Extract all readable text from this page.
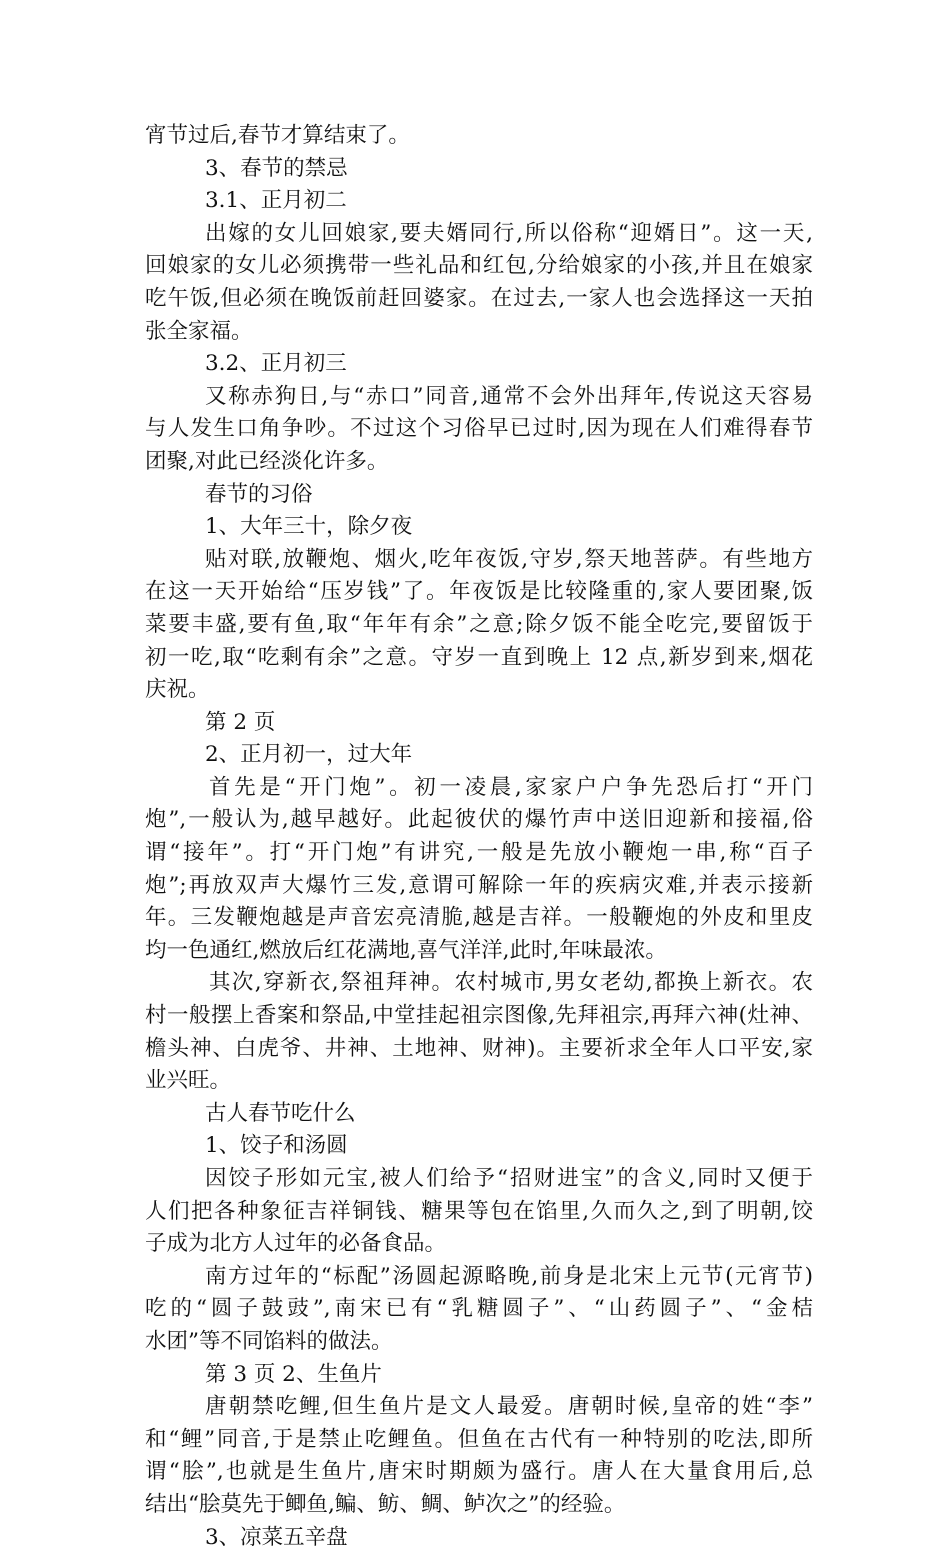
宵节过后,春节才算结束了。
3、春节的禁忌
3.1、正月初二
出嫁的女儿回娘家,要夫婿同行,所以俗称“迎婿日”。这一天,
回娘家的女儿必须携带一些礼品和红包,分给娘家的小孩,并且在娘家
吃午饭,但必须在晚饭前赶回婆家。在过去,一家人也会选择这一天拍
张全家福。
3.2、正月初三
又称赤狗日,与“赤口”同音,通常不会外出拜年,传说这天容易
与人发生口角争吵。不过这个习俗早已过时,因为现在人们难得春节
团聚,对此已经淡化许多。
春节的习俗
1、大年三十，除夕夜
贴对联,放鞭炮、烟火,吃年夜饭,守岁,祭天地菩萨。有些地方
在这一天开始给“压岁钱”了。年夜饭是比较隆重的,家人要团聚,饭
菜要丰盛,要有鱼,取“年年有余”之意;除夕饭不能全吃完,要留饭于
初一吃,取“吃剩有余”之意。守岁一直到晚上 12 点,新岁到来,烟花
庆祝。
第 2 页
2、正月初一，过大年
首先是“开门炮”。初一凌晨,家家户户争先恐后打“开门
炮”,一般认为,越早越好。此起彼伏的爆竹声中送旧迎新和接福,俗
谓“接年”。打“开门炮”有讲究,一般是先放小鞭炮一串,称“百子
炮”;再放双声大爆竹三发,意谓可解除一年的疾病灾难,并表示接新
年。三发鞭炮越是声音宏亮清脆,越是吉祥。一般鞭炮的外皮和里皮
均一色通红,燃放后红花满地,喜气洋洋,此时,年味最浓。
其次,穿新衣,祭祖拜神。农村城市,男女老幼,都换上新衣。农
村一般摆上香案和祭品,中堂挂起祖宗图像,先拜祖宗,再拜六神(灶神、
檐头神、白虎爷、井神、土地神、财神)。主要祈求全年人口平安,家
业兴旺。
古人春节吃什么
1、饺子和汤圆
因饺子形如元宝,被人们给予“招财进宝”的含义,同时又便于
人们把各种象征吉祥铜钱、糖果等包在馅里,久而久之,到了明朝,饺
子成为北方人过年的必备食品。
南方过年的“标配”汤圆起源略晚,前身是北宋上元节(元宵节)
吃的“圆子鼓豉”,南宋已有“乳糖圆子”、“山药圆子”、“金桔
水团”等不同馅料的做法。
第 3 页 2、生鱼片
唐朝禁吃鲤,但生鱼片是文人最爱。唐朝时候,皇帝的姓“李”
和“鲤”同音,于是禁止吃鲤鱼。但鱼在古代有一种特别的吃法,即所
谓“脍”,也就是生鱼片,唐宋时期颇为盛行。唐人在大量食用后,总
结出“脍莫先于鲫鱼,鳊、鲂、鲷、鲈次之”的经验。
3、凉菜五辛盘
